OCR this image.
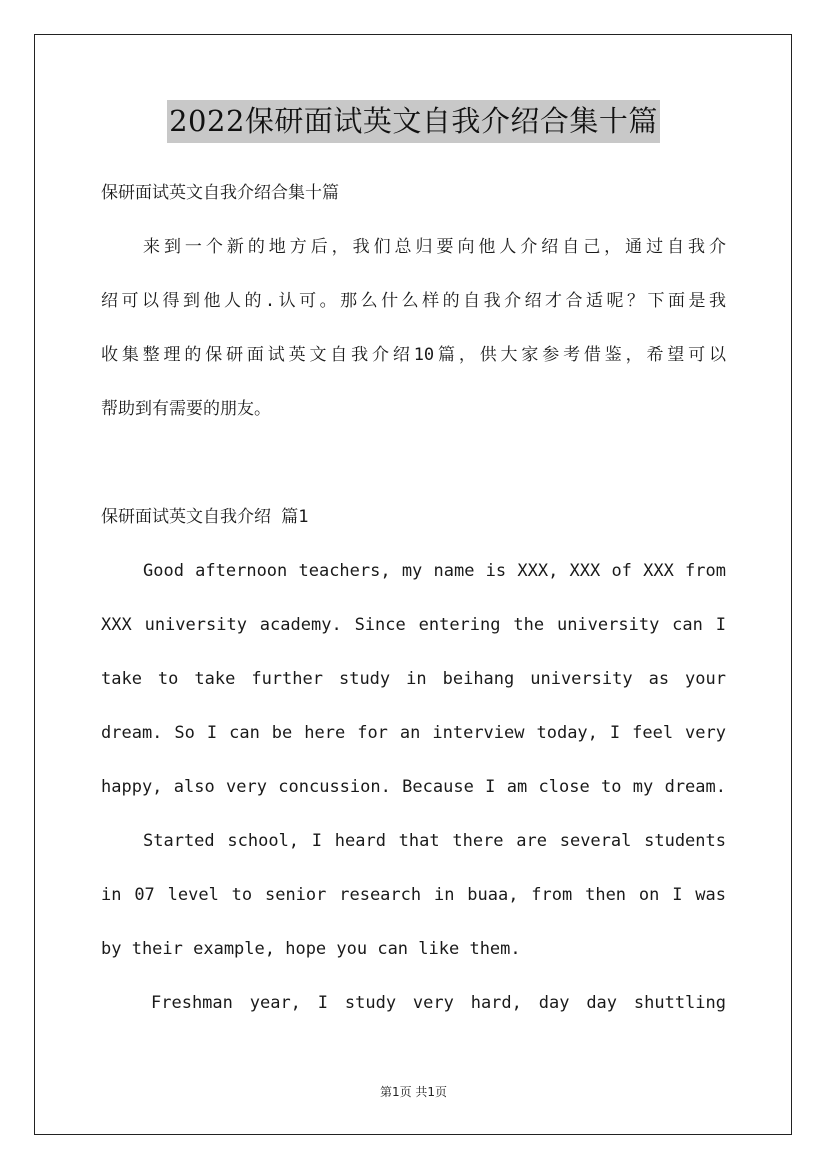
2022保研面试英文自我介绍合集十篇
保研面试英文自我介绍合集十篇
来到一个新的地方后，我们总归要向他人介绍自己，通过自我介
绍可以得到他人的.认可。那么什么样的自我介绍才合适呢？下面是我
收集整理的保研面试英文自我介绍10篇，供大家参考借鉴，希望可以
帮助到有需要的朋友。
保研面试英文自我介绍 篇1
Good afternoon teachers, my name is XXX, XXX of XXX from
XXX university academy. Since entering the university can I
take to take further study in beihang university as your
dream. So I can be here for an interview today, I feel very
happy, also very concussion. Because I am close to my dream.
Started school, I heard that there are several students
in 07 level to senior research in buaa, from then on I was
by their example, hope you can like them.
Freshman year, I study very hard, day day shuttling
第1页 共1页
